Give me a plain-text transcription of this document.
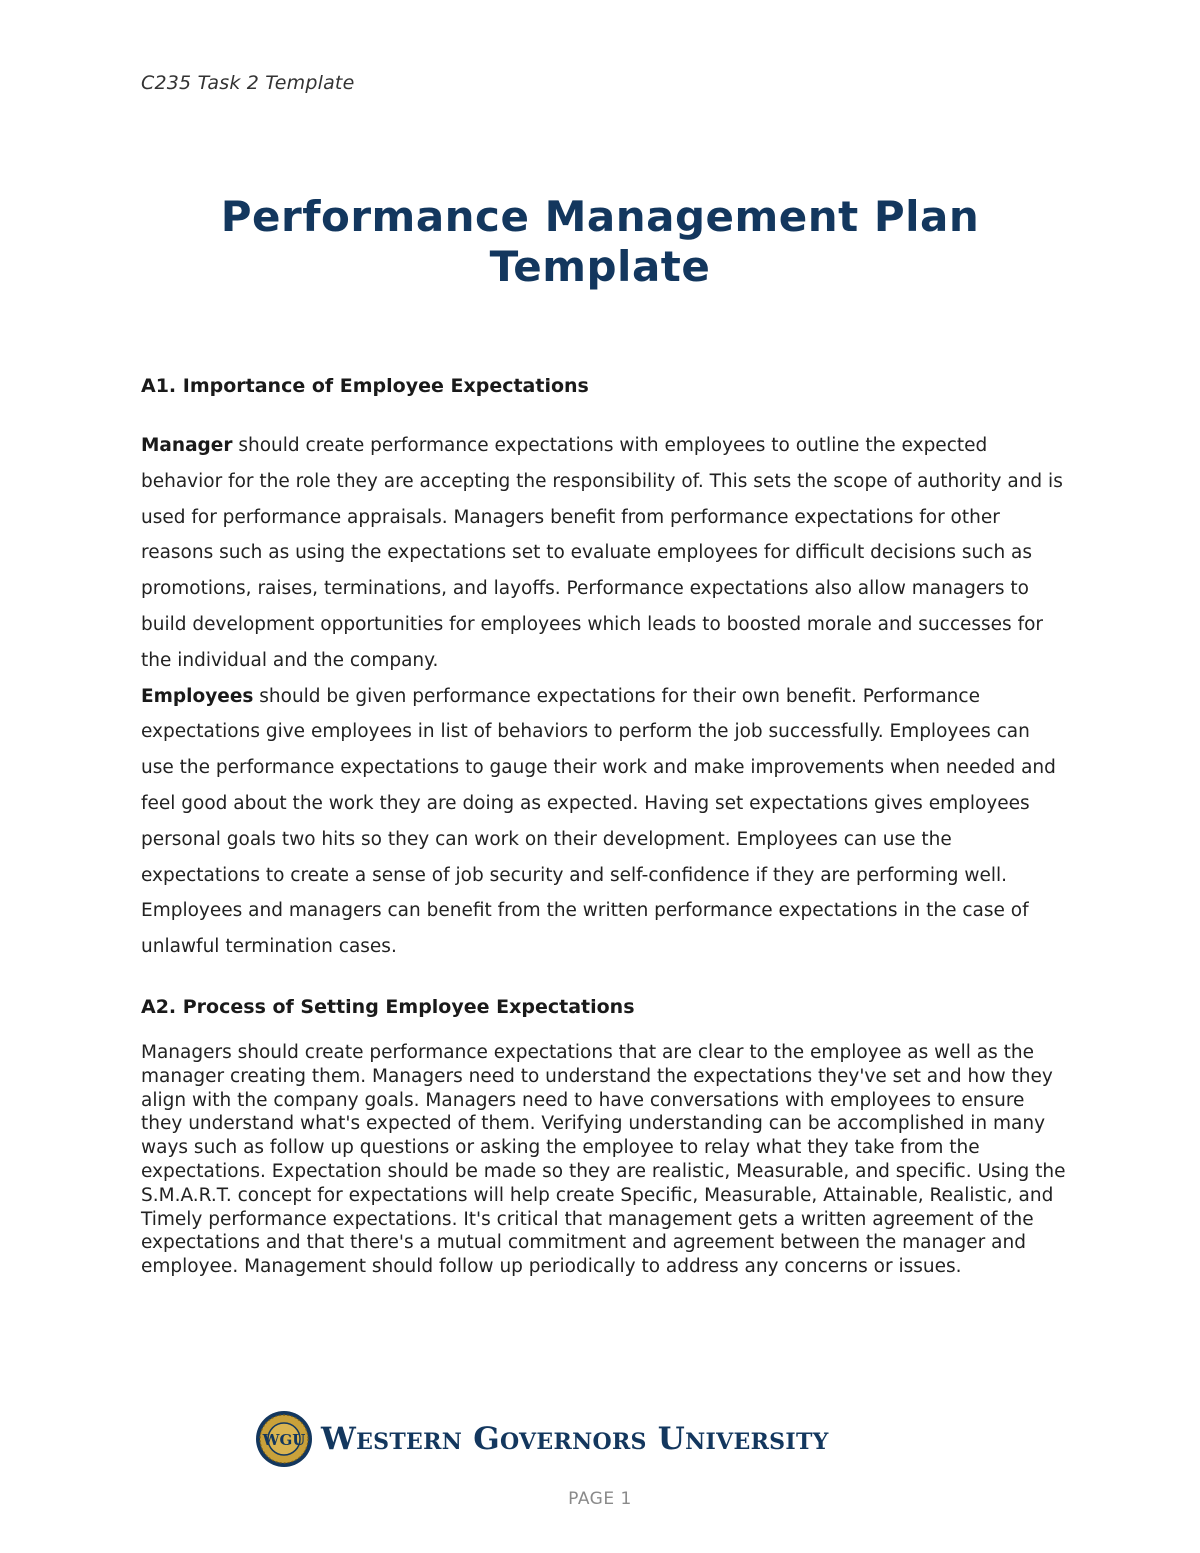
C235 Task 2 Template
Performance Management Plan
Template
A1. Importance of Employee Expectations

Manager should create performance expectations with employees to outline the expected behavior for the role they are accepting the responsibility of. This sets the scope of authority and is used for performance appraisals. Managers benefit from performance expectations for other reasons such as using the expectations set to evaluate employees for difficult decisions such as promotions, raises, terminations, and layoffs. Performance expectations also allow managers to build development opportunities for employees which leads to boosted morale and successes for the individual and the company.

Employees should be given performance expectations for their own benefit. Performance expectations give employees in list of behaviors to perform the job successfully. Employees can use the performance expectations to gauge their work and make improvements when needed and feel good about the work they are doing as expected. Having set expectations gives employees personal goals two hits so they can work on their development. Employees can use the expectations to create a sense of job security and self-confidence if they are performing well. Employees and managers can benefit from the written performance expectations in the case of unlawful termination cases.

A2. Process of Setting Employee Expectations

Managers should create performance expectations that are clear to the employee as well as the manager creating them. Managers need to understand the expectations they've set and how they align with the company goals. Managers need to have conversations with employees to ensure they understand what's expected of them. Verifying understanding can be accomplished in many ways such as follow up questions or asking the employee to relay what they take from the expectations. Expectation should be made so they are realistic, Measurable, and specific. Using the S.M.A.R.T. concept for expectations will help create Specific, Measurable, Attainable, Realistic, and Timely performance expectations. It's critical that management gets a written agreement of the expectations and that there's a mutual commitment and agreement between the manager and employee. Management should follow up periodically to address any concerns or issues.

WGU Western Governors University
PAGE 1
